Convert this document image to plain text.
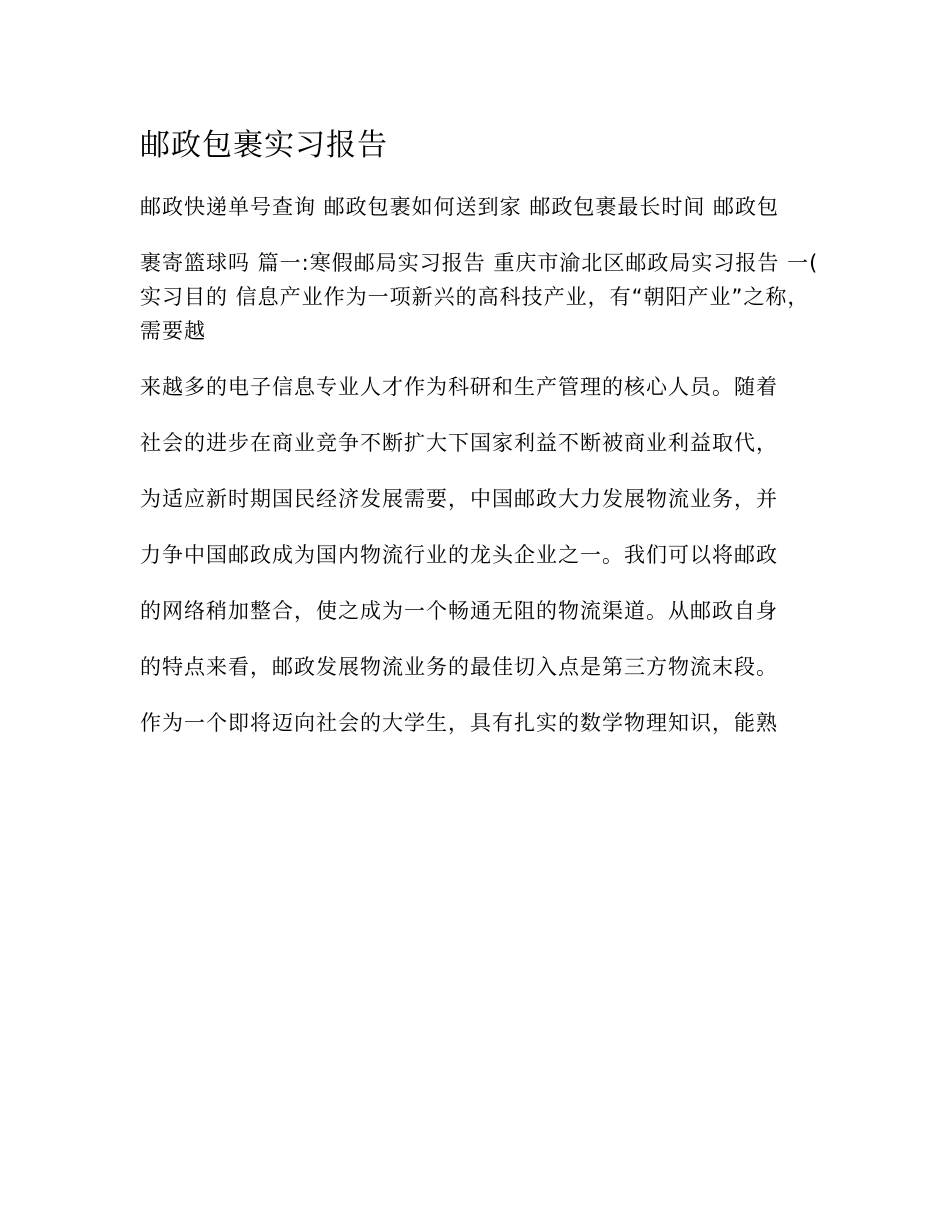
邮政包裹实习报告

邮政快递单号查询 邮政包裹如何送到家 邮政包裹最长时间 邮政包

裹寄篮球吗 篇一:寒假邮局实习报告 重庆市渝北区邮政局实习报告 一( 实习目的 信息产业作为一项新兴的高科技产业，有“朝阳产业”之称，需要越

来越多的电子信息专业人才作为科研和生产管理的核心人员。随着

社会的进步在商业竞争不断扩大下国家利益不断被商业利益取代，

为适应新时期国民经济发展需要，中国邮政大力发展物流业务，并

力争中国邮政成为国内物流行业的龙头企业之一。我们可以将邮政

的网络稍加整合，使之成为一个畅通无阻的物流渠道。从邮政自身

的特点来看，邮政发展物流业务的最佳切入点是第三方物流末段。

作为一个即将迈向社会的大学生，具有扎实的数学物理知识，能熟
